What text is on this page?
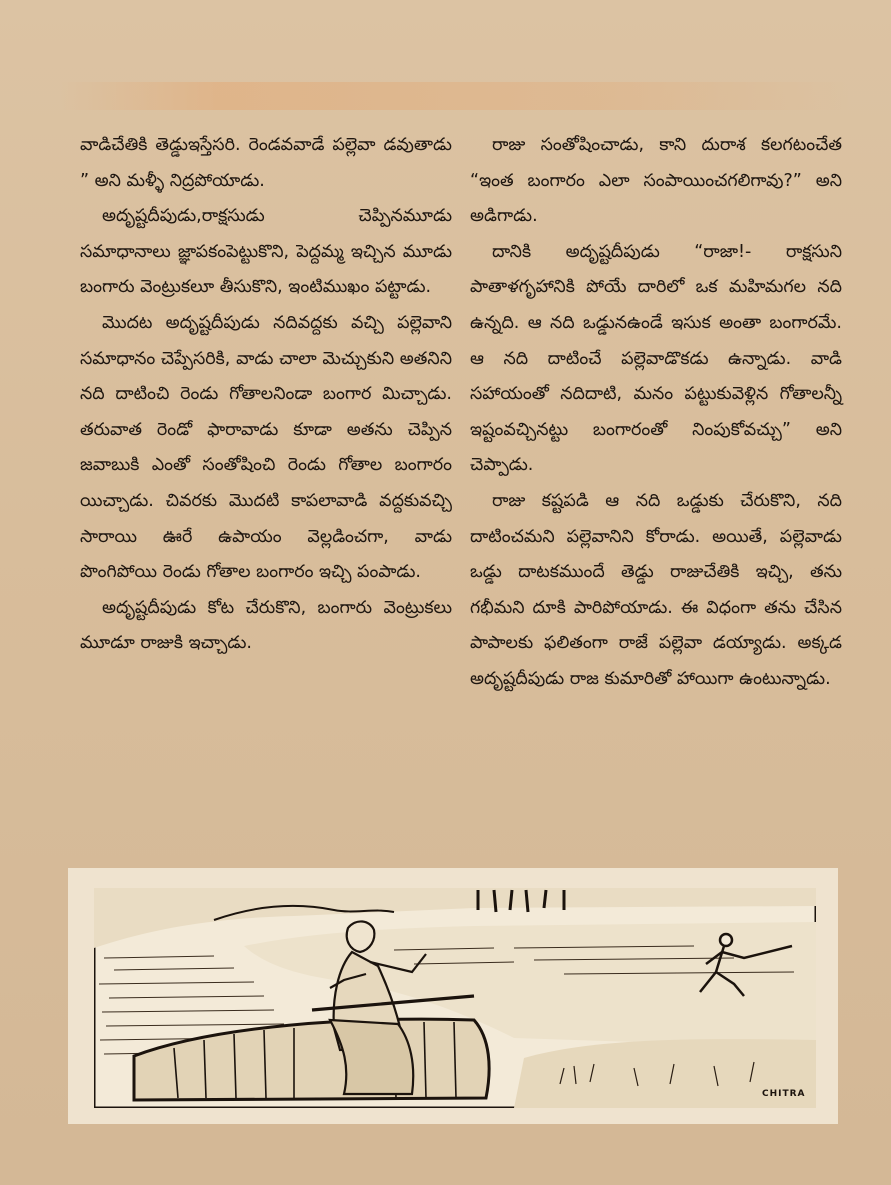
వాడిచేతికి తెడ్డుఇస్తేసరి. రెండవవాడే పల్లెవా డవుతాడు ” అని మళ్ళీ నిద్రపోయాడు.

అదృష్టదీపుడు,రాక్షసుడు చెప్పినమూడు సమాధానాలు జ్ఞాపకంపెట్టుకొని, పెద్దమ్మ ఇచ్చిన మూడు బంగారు వెంట్రుకలూ తీసుకొని, ఇంటిముఖం పట్టాడు.

మొదట అదృష్టదీపుడు నదివద్దకు వచ్చి పల్లెవాని సమాధానం చెప్పేసరికి, వాడు చాలా మెచ్చుకుని అతనిని నది దాటించి రెండు గోతాలనిండా బంగార మిచ్చాడు. తరువాత రెండో ఫారావాడు కూడా అతను చెప్పిన జవాబుకి ఎంతో సంతోషించి రెండు గోతాల బంగారం యిచ్చాడు. చివరకు మొదటి కాపలావాడి వద్దకువచ్చి సారాయి ఊరే ఉపాయం వెల్లడించగా, వాడు పొంగిపోయి రెండు గోతాల బంగారం ఇచ్చి పంపాడు.

అదృష్టదీపుడు కోట చేరుకొని, బంగారు వెంట్రుకలు మూడూ రాజుకి ఇచ్చాడు.

రాజు సంతోషించాడు, కాని దురాశ కలగటంచేత “ఇంత బంగారం ఎలా సంపాయించగలిగావు?” అని అడిగాడు.

దానికి అదృష్టదీపుడు “రాజా!- రాక్షసుని పాతాళగృహానికి పోయే దారిలో ఒక మహిమగల నది ఉన్నది. ఆ నది ఒడ్డునఉండే ఇసుక అంతా బంగారమే. ఆ నది దాటించే పల్లెవాడొకడు ఉన్నాడు. వాడి సహాయంతో నదిదాటి, మనం పట్టుకువెళ్లిన గోతాలన్నీ ఇష్టంవచ్చినట్టు బంగారంతో నింపుకోవచ్చు” అని చెప్పాడు.

రాజు కష్టపడి ఆ నది ఒడ్డుకు చేరుకొని, నది దాటించమని పల్లెవానిని కోరాడు. అయితే, పల్లెవాడు ఒడ్డు దాటకముందే తెడ్డు రాజుచేతికి ఇచ్చి, తను గభీమని దూకి పారిపోయాడు. ఈ విధంగా తను చేసిన పాపాలకు ఫలితంగా రాజే పల్లెవా డయ్యాడు. అక్కడ అదృష్టదీపుడు రాజ కుమారితో హాయిగా ఉంటున్నాడు.

CHITRA
